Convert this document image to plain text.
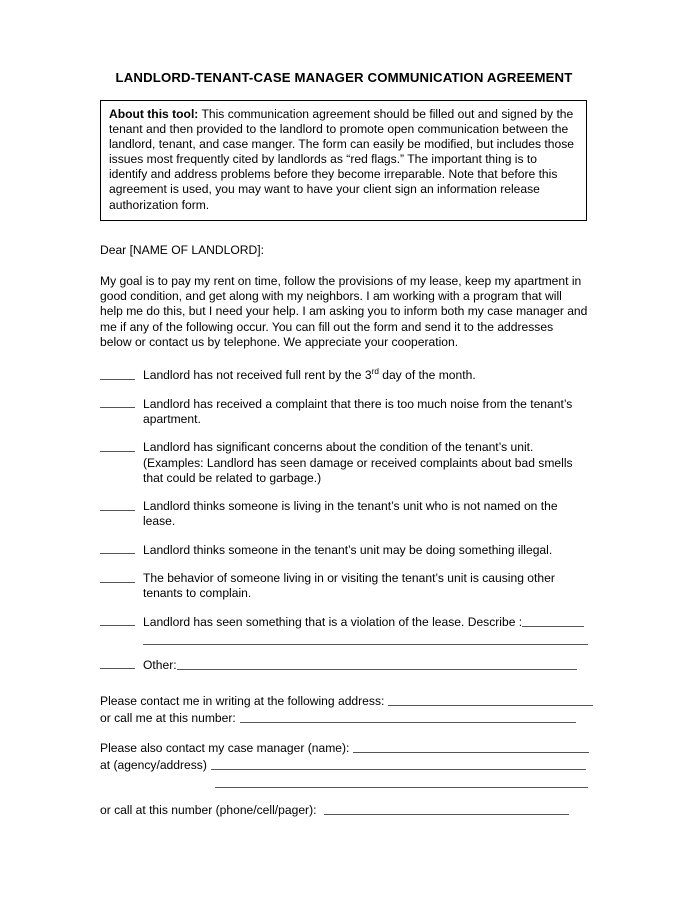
LANDLORD-TENANT-CASE MANAGER COMMUNICATION AGREEMENT

About this tool: This communication agreement should be filled out and signed by the tenant and then provided to the landlord to promote open communication between the landlord, tenant, and case manger. The form can easily be modified, but includes those issues most frequently cited by landlords as “red flags.” The important thing is to identify and address problems before they become irreparable. Note that before this agreement is used, you may want to have your client sign an information release authorization form.

Dear [NAME OF LANDLORD]:

My goal is to pay my rent on time, follow the provisions of my lease, keep my apartment in good condition, and get along with my neighbors. I am working with a program that will help me do this, but I need your help. I am asking you to inform both my case manager and me if any of the following occur. You can fill out the form and send it to the addresses below or contact us by telephone. We appreciate your cooperation.

Landlord has not received full rent by the 3rd day of the month.
Landlord has received a complaint that there is too much noise from the tenant’s apartment.
Landlord has significant concerns about the condition of the tenant’s unit. (Examples: Landlord has seen damage or received complaints about bad smells that could be related to garbage.)
Landlord thinks someone is living in the tenant’s unit who is not named on the lease.
Landlord thinks someone in the tenant’s unit may be doing something illegal.
The behavior of someone living in or visiting the tenant’s unit is causing other tenants to complain.
Landlord has seen something that is a violation of the lease. Describe :
Other:
Please contact me in writing at the following address:
or call me at this number:
Please also contact my case manager (name):
at (agency/address)
or call at this number (phone/cell/pager):
